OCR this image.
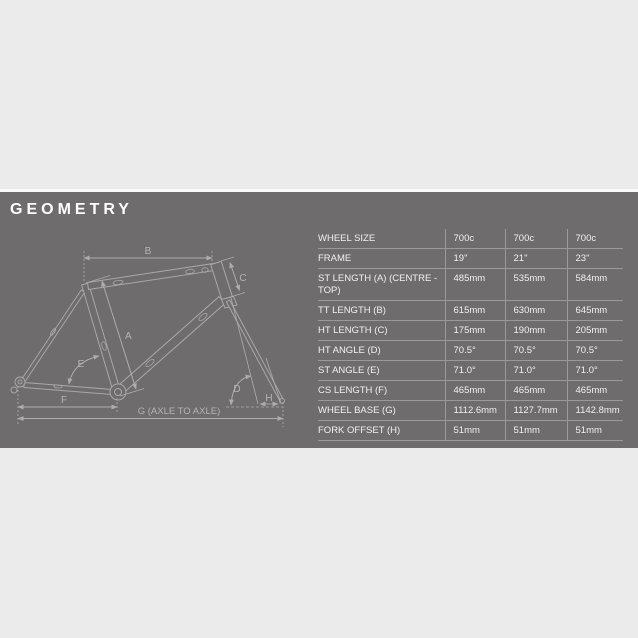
GEOMETRY
B
C
A
E
F
D
H
G (AXLE TO AXLE)
WHEEL SIZE	700c	700c	700c
FRAME	19"	21"	23"
ST LENGTH (A) (CENTRE - TOP)	485mm	535mm	584mm
TT LENGTH (B)	615mm	630mm	645mm
HT LENGTH (C)	175mm	190mm	205mm
HT ANGLE (D)	70.5°	70.5°	70.5°
ST ANGLE (E)	71.0°	71.0°	71.0°
CS LENGTH (F)	465mm	465mm	465mm
WHEEL BASE (G)	1112.6mm	1127.7mm	1142.8mm
FORK OFFSET (H)	51mm	51mm	51mm
